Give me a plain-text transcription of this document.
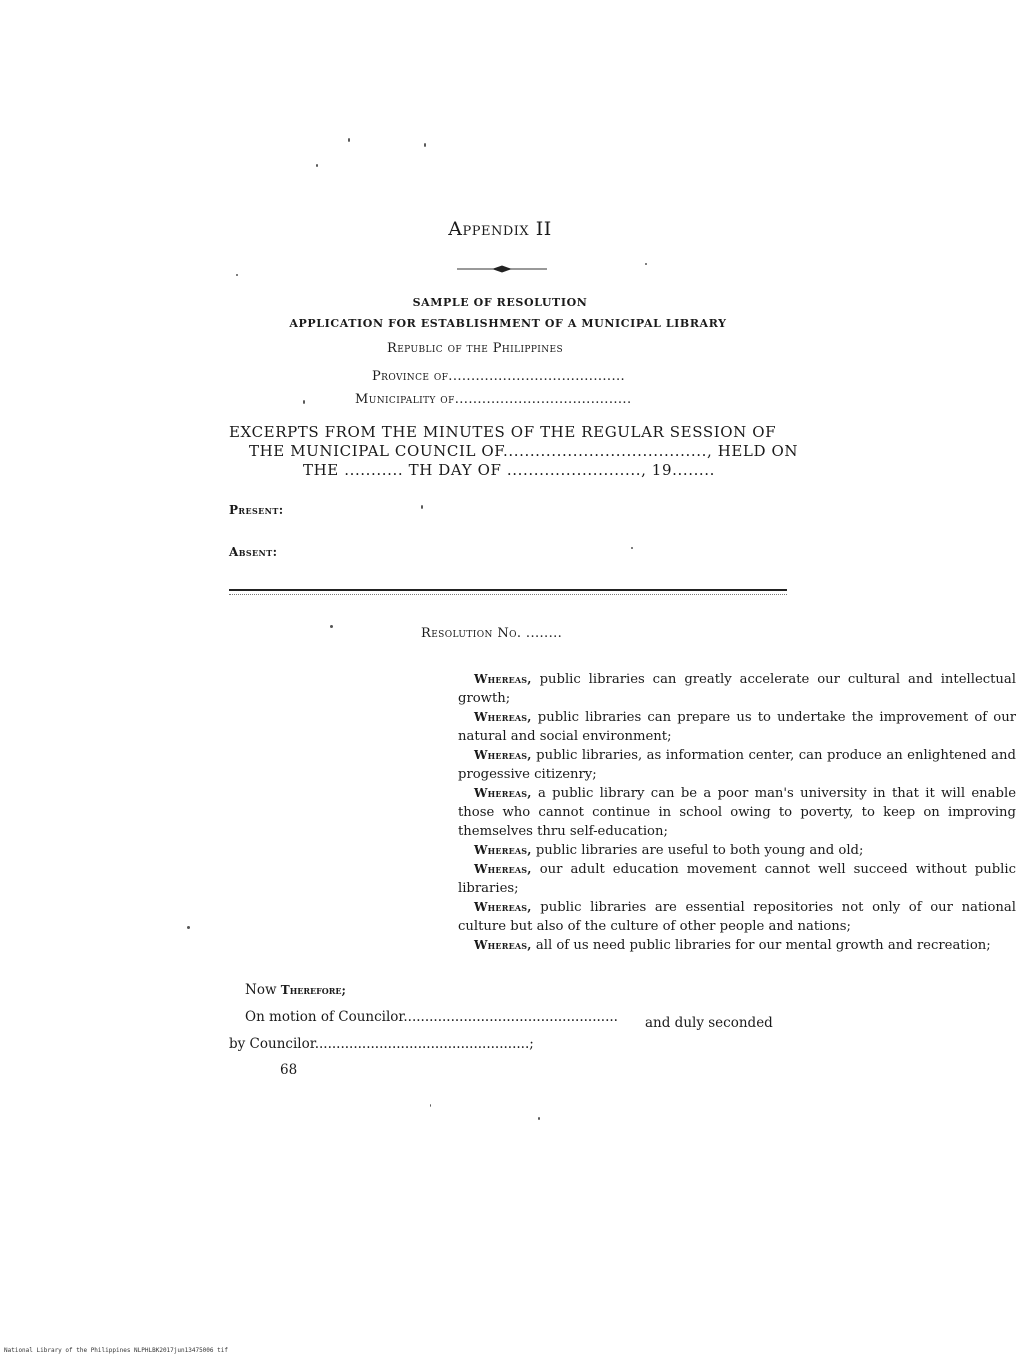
Appendix II
SAMPLE OF RESOLUTION
APPLICATION FOR ESTABLISHMENT OF A MUNICIPAL LIBRARY
Republic of the Philippines
Province of.......................................
Municipality of.......................................
EXCERPTS FROM THE MINUTES OF THE REGULAR SESSION OF
THE MUNICIPAL COUNCIL OF......................................, HELD ON
THE ........... TH DAY OF ........................., 19........
Present:
Absent:
Resolution No. ........

Whereas, public libraries can greatly accelerate our cultural and intellectual growth;

Whereas, public libraries can prepare us to undertake the improvement of our natural and social environment;

Whereas, public libraries, as information center, can produce an enlightened and progessive citizenry;

Whereas, a public library can be a poor man's university in that it will enable those who cannot continue in school owing to poverty, to keep on improving themselves thru self-education;

Whereas, public libraries are useful to both young and old;

Whereas, our adult education movement cannot well succeed without public libraries;

Whereas, public libraries are essential repositories not only of our national culture but also of the culture of other people and nations;

Whereas, all of us need public libraries for our mental growth and recreation;

Now Therefore;
On motion of Councilor.................................................. and duly seconded
by Councilor..................................................;
68
National Library of the Philippines NLPHLBK2017jun13475006 tif
